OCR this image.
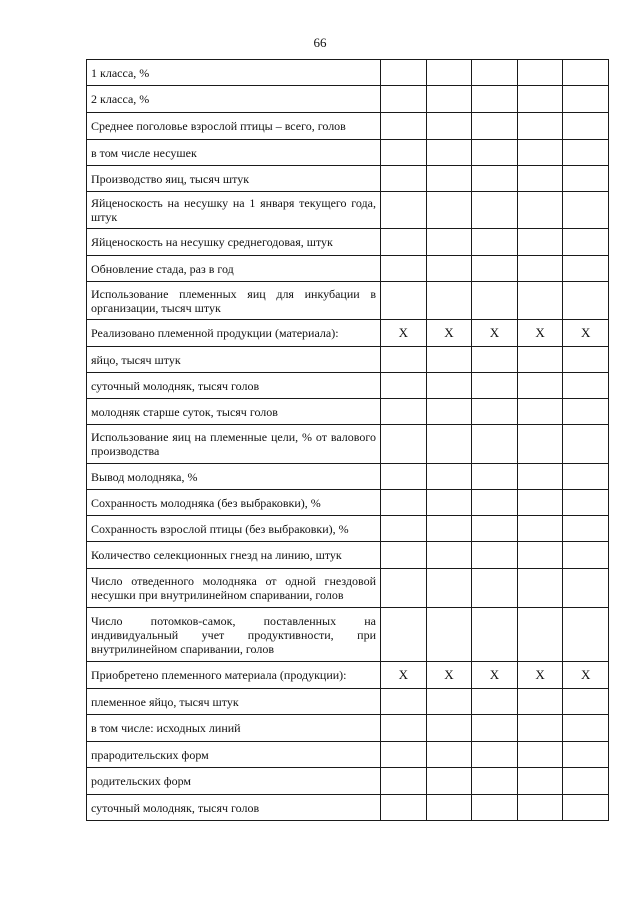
66
1 класса, %					
2 класса, %					
Среднее поголовье взрослой птицы – всего, голов					
в том числе несушек					
Производство яиц, тысяч штук					
Яйценоскость на несушку на 1 января текущего года, штук					
Яйценоскость на несушку среднегодовая, штук					
Обновление стада, раз в год					
Использование племенных яиц для инкубации в организации, тысяч штук					
Реализовано племенной продукции (материала):	Х	Х	Х	Х	Х
яйцо, тысяч штук					
суточный молодняк, тысяч голов					
молодняк старше суток, тысяч голов					
Использование яиц на племенные цели, % от валового производства					
Вывод молодняка, %					
Сохранность молодняка (без выбраковки), %					
Сохранность взрослой птицы (без выбраковки), %					
Количество селекционных гнезд на линию, штук					
Число отведенного молодняка от одной гнездовой несушки при внутрилинейном спаривании, голов					
Число потомков-самок, поставленных на индивидуальный учет продуктивности, при внутрилинейном спаривании, голов					
Приобретено племенного материала (продукции):	Х	Х	Х	Х	Х
племенное яйцо, тысяч штук					
в том числе: исходных линий					
прародительских форм					
родительских форм					
суточный молодняк, тысяч голов					
